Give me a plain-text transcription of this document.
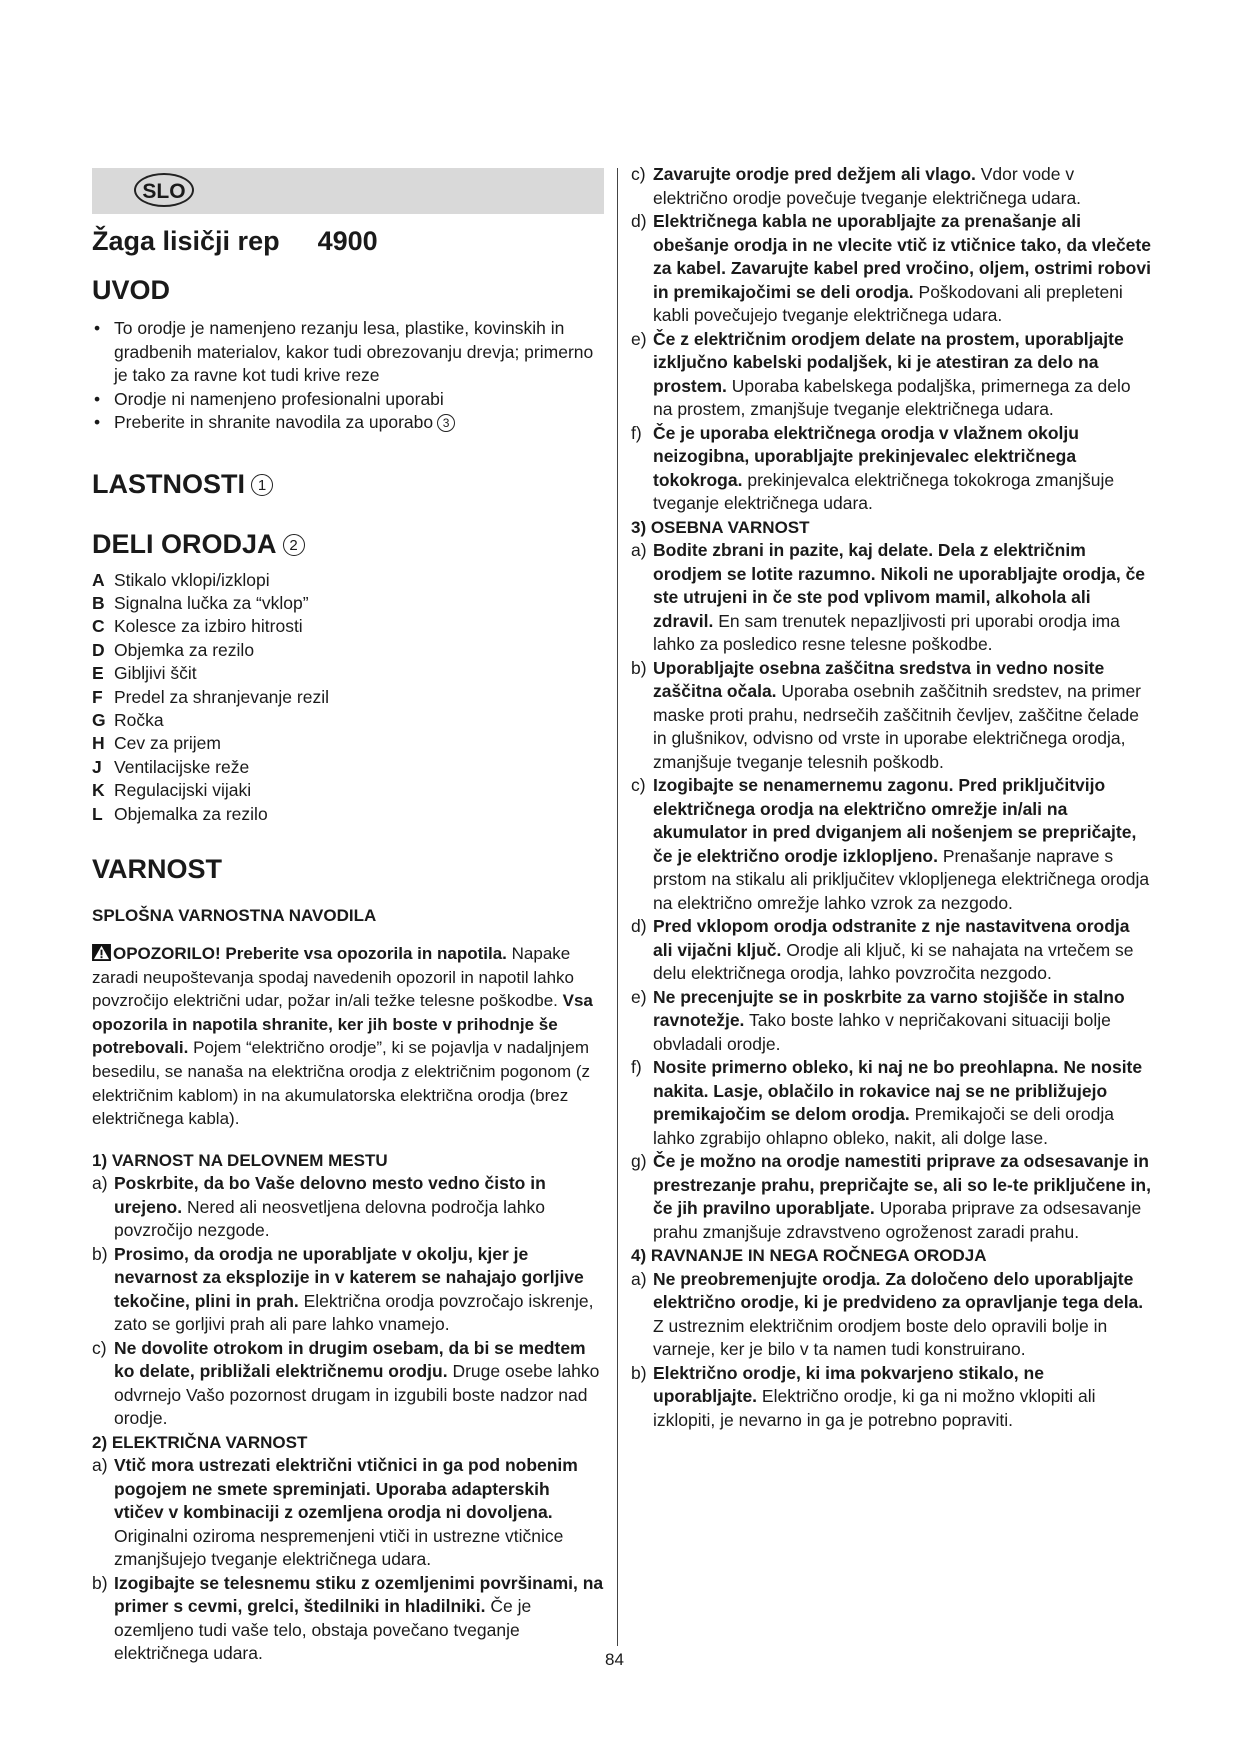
SLO
Žaga lisičji rep 4900
UVOD
• To orodje je namenjeno rezanju lesa, plastike, kovinskih in gradbenih materialov, kakor tudi obrezovanju drevja; primerno je tako za ravne kot tudi krive reze
• Orodje ni namenjeno profesionalni uporabi
• Preberite in shranite navodila za uporabo 3
LASTNOSTI 1
DELI ORODJA 2
A Stikalo vklopi/izklopi
B Signalna lučka za “vklop”
C Kolesce za izbiro hitrosti
D Objemka za rezilo
E Gibljivi ščit
F Predel za shranjevanje rezil
G Ročka
H Cev za prijem
J Ventilacijske reže
K Regulacijski vijaki
L Objemalka za rezilo
VARNOST
SPLOŠNA VARNOSTNA NAVODILA

OPOZORILO! Preberite vsa opozorila in napotila. Napake zaradi neupoštevanja spodaj navedenih opozoril in napotil lahko povzročijo električni udar, požar in/ali težke telesne poškodbe. Vsa opozorila in napotila shranite, ker jih boste v prihodnje še potrebovali. Pojem “električno orodje”, ki se pojavlja v nadaljnjem besedilu, se nanaša na električna orodja z električnim pogonom (z električnim kablom) in na akumulatorska električna orodja (brez električnega kabla).

1) VARNOST NA DELOVNEM MESTU

a) Poskrbite, da bo Vaše delovno mesto vedno čisto in urejeno. Nered ali neosvetljena delovna področja lahko povzročijo nezgode.

b) Prosimo, da orodja ne uporabljate v okolju, kjer je nevarnost za eksplozije in v katerem se nahajajo gorljive tekočine, plini in prah. Električna orodja povzročajo iskrenje, zato se gorljivi prah ali pare lahko vnamejo.

c) Ne dovolite otrokom in drugim osebam, da bi se medtem ko delate, približali električnemu orodju. Druge osebe lahko odvrnejo Vašo pozornost drugam in izgubili boste nadzor nad orodje.

2) ELEKTRIČNA VARNOST

a) Vtič mora ustrezati električni vtičnici in ga pod nobenim pogojem ne smete spreminjati. Uporaba adapterskih vtičev v kombinaciji z ozemljena orodja ni dovoljena. Originalni oziroma nespremenjeni vtiči in ustrezne vtičnice zmanjšujejo tveganje električnega udara.

b) Izogibajte se telesnemu stiku z ozemljenimi površinami, na primer s cevmi, grelci, štedilniki in hladilniki. Če je ozemljeno tudi vaše telo, obstaja povečano tveganje električnega udara.

c) Zavarujte orodje pred dežjem ali vlago. Vdor vode v električno orodje povečuje tveganje električnega udara.

d) Električnega kabla ne uporabljajte za prenašanje ali obešanje orodja in ne vlecite vtič iz vtičnice tako, da vlečete za kabel. Zavarujte kabel pred vročino, oljem, ostrimi robovi in premikajočimi se deli orodja. Poškodovani ali prepleteni kabli povečujejo tveganje električnega udara.

e) Če z električnim orodjem delate na prostem, uporabljajte izključno kabelski podaljšek, ki je atestiran za delo na prostem. Uporaba kabelskega podaljška, primernega za delo na prostem, zmanjšuje tveganje električnega udara.

f) Če je uporaba električnega orodja v vlažnem okolju neizogibna, uporabljajte prekinjevalec električnega tokokroga. prekinjevalca električnega tokokroga zmanjšuje tveganje električnega udara.

3) OSEBNA VARNOST

a) Bodite zbrani in pazite, kaj delate. Dela z električnim orodjem se lotite razumno. Nikoli ne uporabljajte orodja, če ste utrujeni in če ste pod vplivom mamil, alkohola ali zdravil. En sam trenutek nepazljivosti pri uporabi orodja ima lahko za posledico resne telesne poškodbe.

b) Uporabljajte osebna zaščitna sredstva in vedno nosite zaščitna očala. Uporaba osebnih zaščitnih sredstev, na primer maske proti prahu, nedrsečih zaščitnih čevljev, zaščitne čelade in glušnikov, odvisno od vrste in uporabe električnega orodja, zmanjšuje tveganje telesnih poškodb.

c) Izogibajte se nenamernemu zagonu. Pred priključitvijo električnega orodja na električno omrežje in/ali na akumulator in pred dviganjem ali nošenjem se prepričajte, če je električno orodje izklopljeno. Prenašanje naprave s prstom na stikalu ali priključitev vklopljenega električnega orodja na električno omrežje lahko vzrok za nezgodo.

d) Pred vklopom orodja odstranite z nje nastavitvena orodja ali vijačni ključ. Orodje ali ključ, ki se nahajata na vrtečem se delu električnega orodja, lahko povzročita nezgodo.

e) Ne precenjujte se in poskrbite za varno stojišče in stalno ravnotežje. Tako boste lahko v nepričakovani situaciji bolje obvladali orodje.

f) Nosite primerno obleko, ki naj ne bo preohlapna. Ne nosite nakita. Lasje, oblačilo in rokavice naj se ne približujejo premikajočim se delom orodja. Premikajoči se deli orodja lahko zgrabijo ohlapno obleko, nakit, ali dolge lase.

g) Če je možno na orodje namestiti priprave za odsesavanje in prestrezanje prahu, prepričajte se, ali so le-te priključene in, če jih pravilno uporabljate. Uporaba priprave za odsesavanje prahu zmanjšuje zdravstveno ogroženost zaradi prahu.

4) RAVNANJE IN NEGA ROČNEGA ORODJA

a) Ne preobremenjujte orodja. Za določeno delo uporabljajte električno orodje, ki je predvideno za opravljanje tega dela. Z ustreznim električnim orodjem boste delo opravili bolje in varneje, ker je bilo v ta namen tudi konstruirano.

b) Električno orodje, ki ima pokvarjeno stikalo, ne uporabljajte. Električno orodje, ki ga ni možno vklopiti ali izklopiti, je nevarno in ga je potrebno popraviti.

84
